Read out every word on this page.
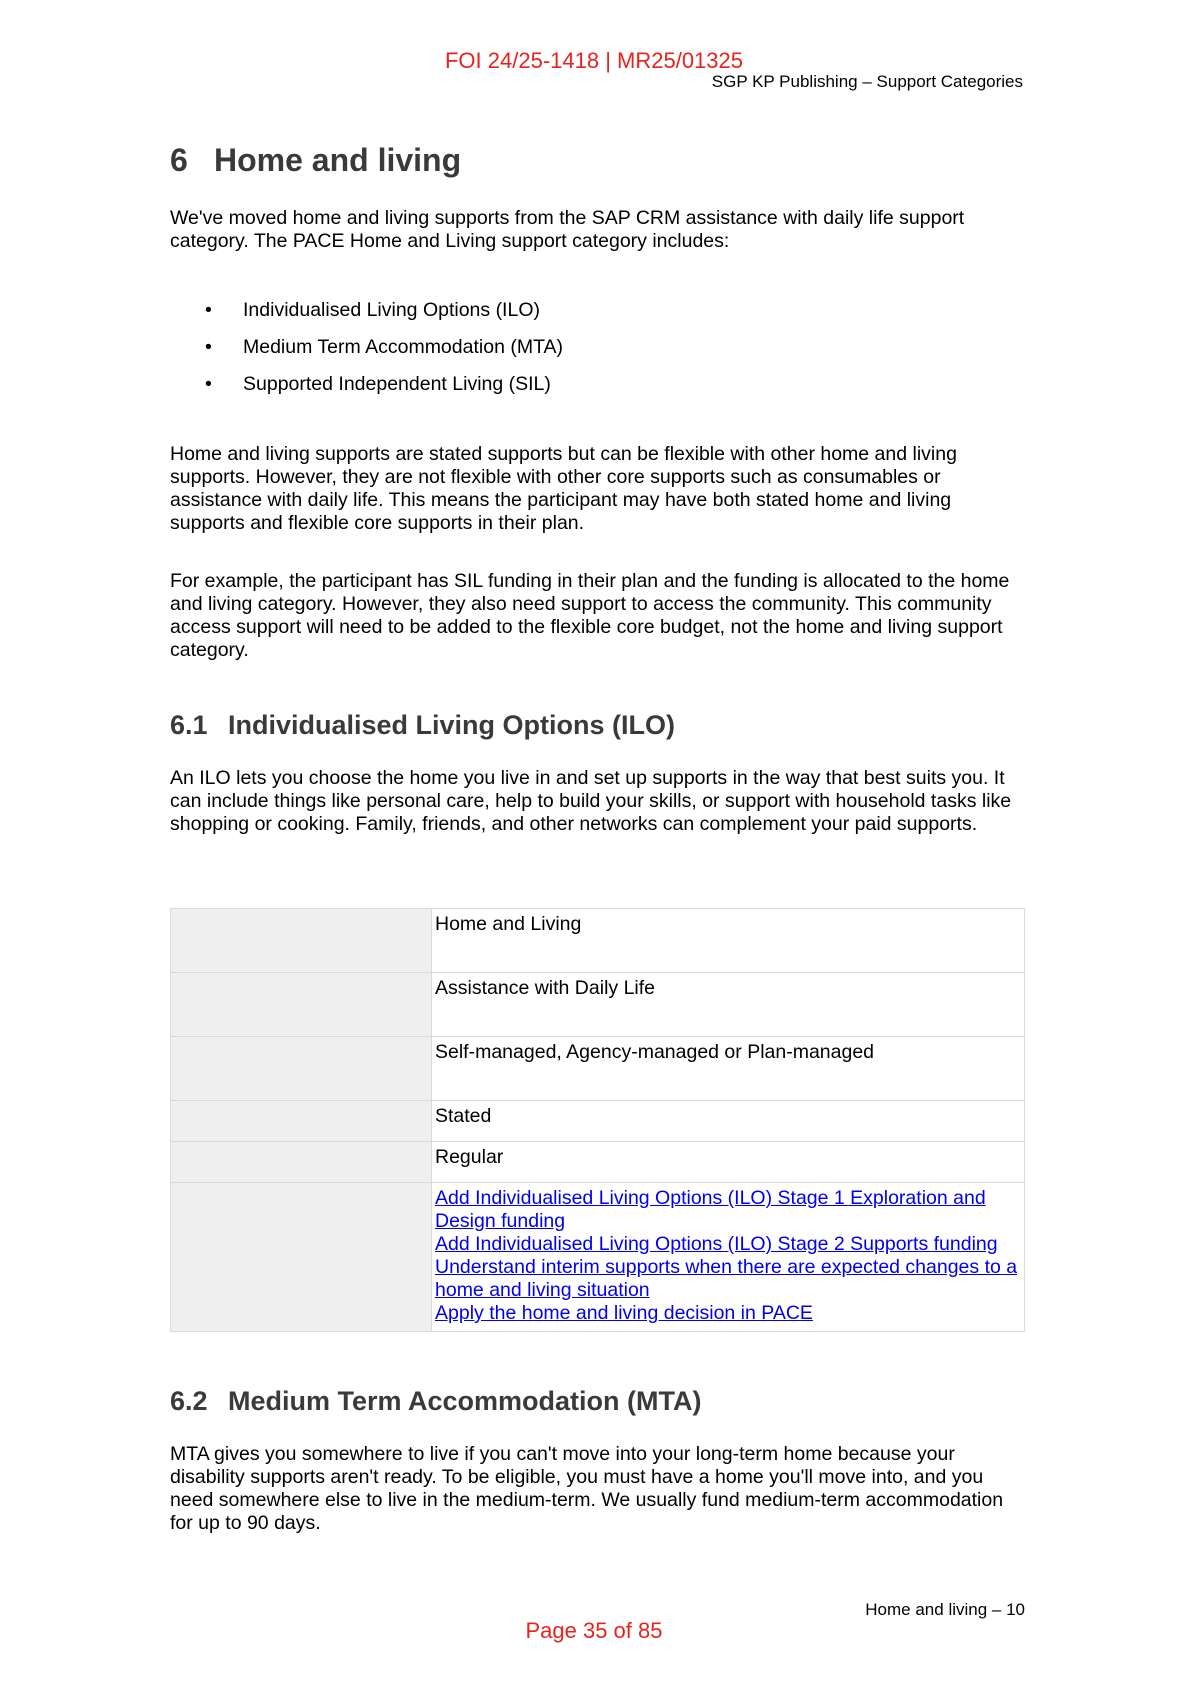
FOI 24/25-1418 | MR25/01325
SGP KP Publishing – Support Categories
6 Home and living

We've moved home and living supports from the SAP CRM assistance with daily life support category. The PACE Home and Living support category includes:

• Individualised Living Options (ILO)
• Medium Term Accommodation (MTA)
• Supported Independent Living (SIL)

Home and living supports are stated supports but can be flexible with other home and living supports. However, they are not flexible with other core supports such as consumables or assistance with daily life. This means the participant may have both stated home and living supports and flexible core supports in their plan.

For example, the participant has SIL funding in their plan and the funding is allocated to the home and living category. However, they also need support to access the community. This community access support will need to be added to the flexible core budget, not the home and living support category.

6.1 Individualised Living Options (ILO)

An ILO lets you choose the home you live in and set up supports in the way that best suits you. It can include things like personal care, help to build your skills, or support with household tasks like shopping or cooking. Family, friends, and other networks can complement your paid supports.

	Home and Living
	Assistance with Daily Life
	Self-managed, Agency-managed or Plan-managed
	Stated
	Regular

	Add Individualised Living Options (ILO) Stage 1 Exploration and Design funding
Add Individualised Living Options (ILO) Stage 2 Supports funding
Understand interim supports when there are expected changes to a home and living situation
Apply the home and living decision in PACE
6.2 Medium Term Accommodation (MTA)

MTA gives you somewhere to live if you can't move into your long-term home because your disability supports aren't ready. To be eligible, you must have a home you'll move into, and you need somewhere else to live in the medium-term. We usually fund medium-term accommodation for up to 90 days.

Home and living – 10
Page 35 of 85
